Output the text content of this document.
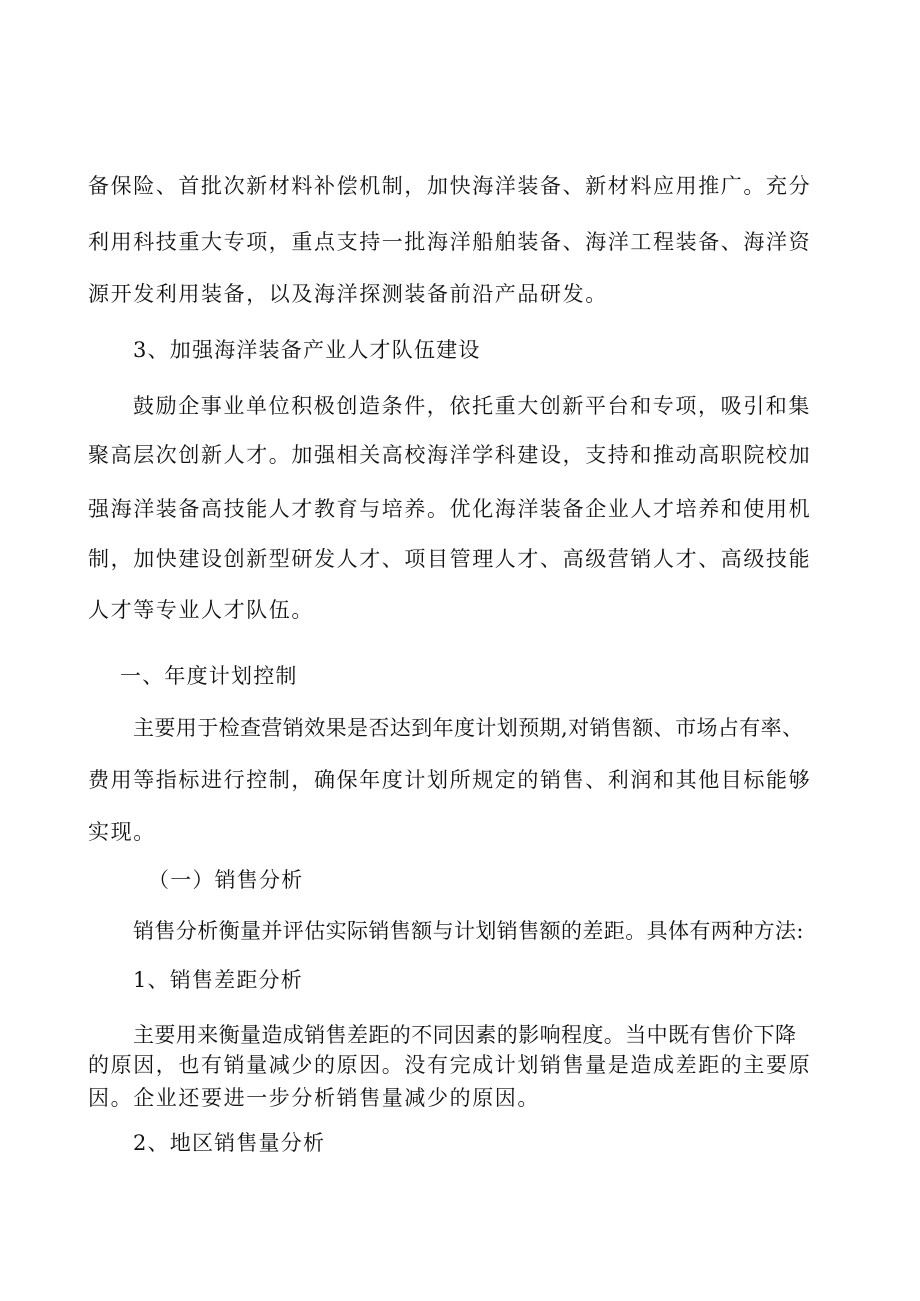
备保险、首批次新材料补偿机制，加快海洋装备、新材料应用推广。充分
利用科技重大专项，重点支持一批海洋船舶装备、海洋工程装备、海洋资
源开发利用装备，以及海洋探测装备前沿产品研发。
3、加强海洋装备产业人才队伍建设
鼓励企事业单位积极创造条件，依托重大创新平台和专项，吸引和集
聚高层次创新人才。加强相关高校海洋学科建设，支持和推动高职院校加
强海洋装备高技能人才教育与培养。优化海洋装备企业人才培养和使用机
制，加快建设创新型研发人才、项目管理人才、高级营销人才、高级技能
人才等专业人才队伍。
一、年度计划控制
主要用于检查营销效果是否达到年度计划预期,对销售额、市场占有率、
费用等指标进行控制，确保年度计划所规定的销售、利润和其他目标能够
实现。
（一）销售分析
销售分析衡量并评估实际销售额与计划销售额的差距。具体有两种方法:
1、销售差距分析
主要用来衡量造成销售差距的不同因素的影响程度。当中既有售价下降
的原因，也有销量减少的原因。没有完成计划销售量是造成差距的主要原
因。企业还要进一步分析销售量减少的原因。
2、地区销售量分析
